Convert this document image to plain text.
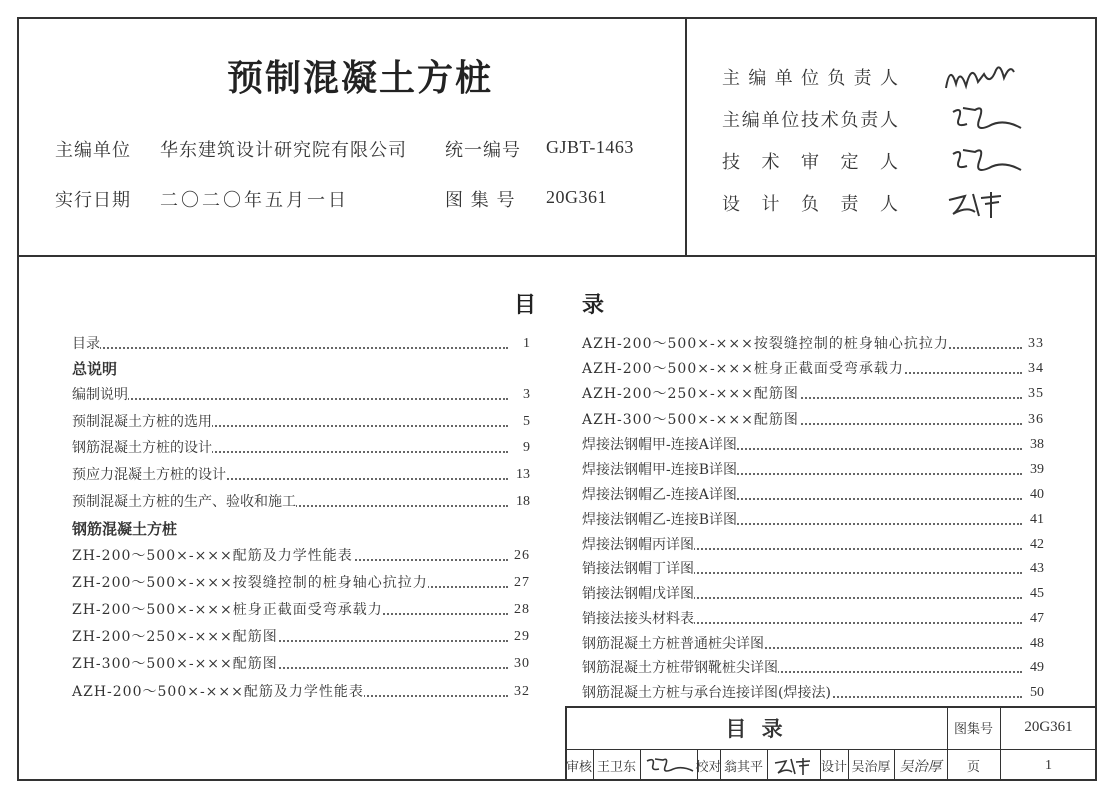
预制混凝土方桩
主编单位 华东建筑设计研究院有限公司 统一编号 GJBT-1463
实行日期 二〇二〇年五月一日	图 集 号 20G361
主编单位负责人
主编单位技术负责人
技术审定人
设计负责人
目 录
目录	1
总说明
编制说明	3
预制混凝土方桩的选用	5
钢筋混凝土方桩的设计	9
预应力混凝土方桩的设计	13
预制混凝土方桩的生产、验收和施工	18
钢筋混凝土方桩
ZH-200～500×-×××配筋及力学性能表	26
ZH-200～500×-×××按裂缝控制的桩身轴心抗拉力	27
ZH-200～500×-×××桩身正截面受弯承载力	28
ZH-200～250×-×××配筋图	29
ZH-300～500×-×××配筋图	30
AZH-200～500×-×××配筋及力学性能表	32
AZH-200～500×-×××按裂缝控制的桩身轴心抗拉力	33
AZH-200～500×-×××桩身正截面受弯承载力	34
AZH-200～250×-×××配筋图	35
AZH-300～500×-×××配筋图	36
焊接法钢帽甲-连接A详图	38
焊接法钢帽甲-连接B详图	39
焊接法钢帽乙-连接A详图	40
焊接法钢帽乙-连接B详图	41
焊接法钢帽丙详图	42
销接法钢帽丁详图	43
销接法钢帽戊详图	45
销接法接头材料表	47
钢筋混凝土方桩普通桩尖详图	48
钢筋混凝土方桩带钢靴桩尖详图	49
钢筋混凝土方桩与承台连接详图(焊接法)	50
目 录	图集号	20G361
审核 王卫东	校对 翁其平	设计 吴治厚 吴治厚	页	1
